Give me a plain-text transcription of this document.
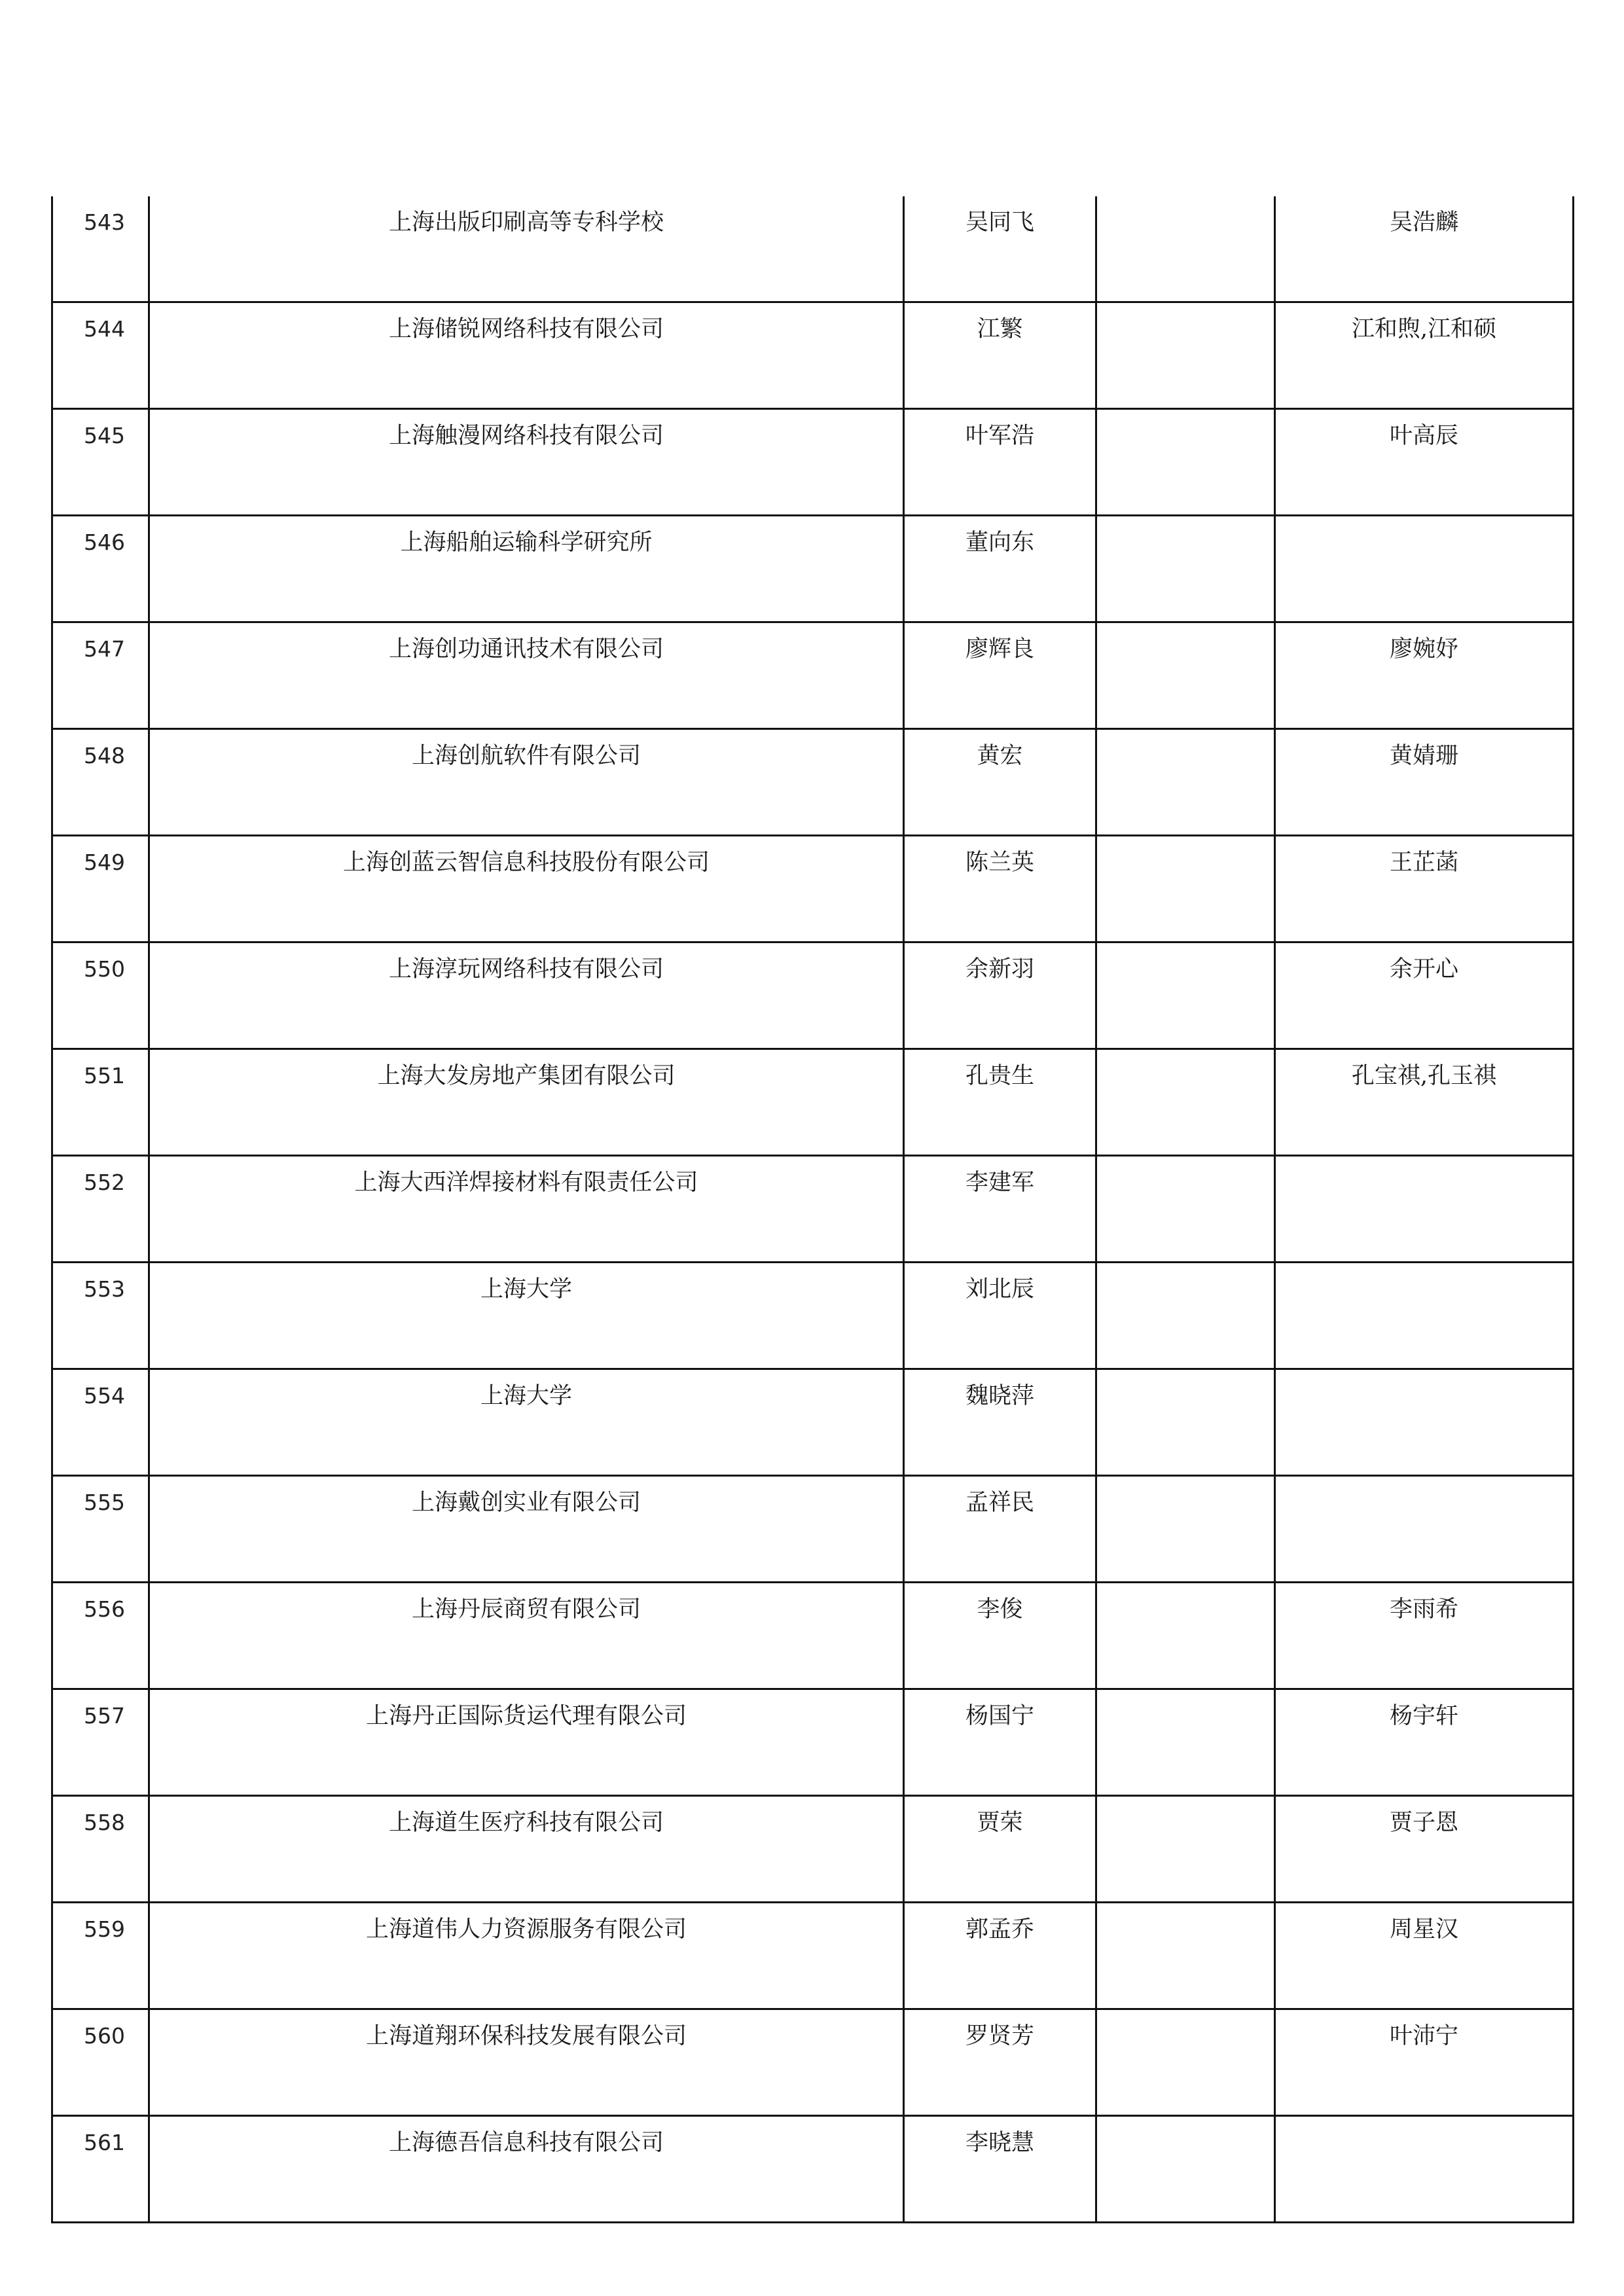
543	上海出版印刷高等专科学校	吴同飞		吴浩麟
544	上海储锐网络科技有限公司	江繁		江和煦,江和硕
545	上海触漫网络科技有限公司	叶军浩		叶高辰
546	上海船舶运输科学研究所	董向东		
547	上海创功通讯技术有限公司	廖辉良		廖婉妤
548	上海创航软件有限公司	黄宏		黄婧珊
549	上海创蓝云智信息科技股份有限公司	陈兰英		王芷菡
550	上海淳玩网络科技有限公司	余新羽		余开心
551	上海大发房地产集团有限公司	孔贵生		孔宝祺,孔玉祺
552	上海大西洋焊接材料有限责任公司	李建军		
553	上海大学	刘北辰		
554	上海大学	魏晓萍		
555	上海戴创实业有限公司	孟祥民		
556	上海丹辰商贸有限公司	李俊		李雨希
557	上海丹正国际货运代理有限公司	杨国宁		杨宇轩
558	上海道生医疗科技有限公司	贾荣		贾子恩
559	上海道伟人力资源服务有限公司	郭孟乔		周星汉
560	上海道翔环保科技发展有限公司	罗贤芳		叶沛宁
561	上海德吾信息科技有限公司	李晓慧		
